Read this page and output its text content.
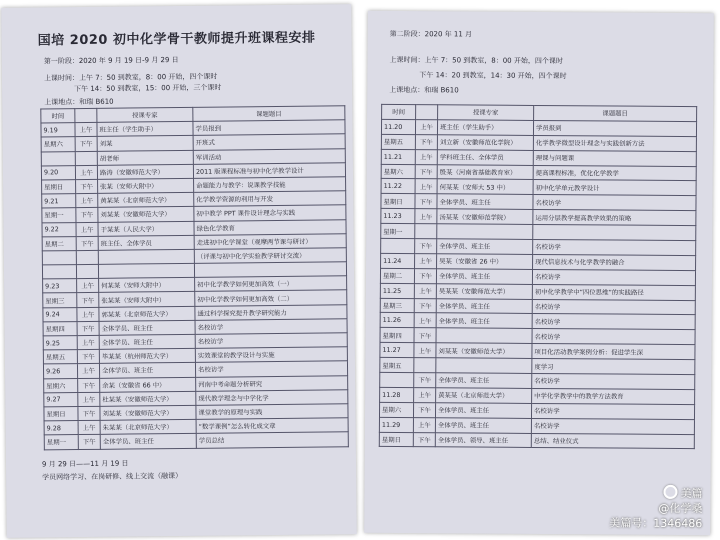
国培 2020 初中化学骨干教师提升班课程安排
第一阶段：2020 年 9 月 19 日-9 月 29 日
上课时间：上午 7：50 到教室，8：00 开始，四个课时
下午 14：50 到教室，15：00 开始，三个课时
上课地点：和瑞 B610
时间		授课专家	课题题目
9.19	上午	班主任（学生助手）	学员报到
星期六	下午	刘某	开班式
		胡老师	军训活动
9.20	上午	路涛（安徽师范大学）	2011 版课程标准与初中化学教学设计
星期日	下午	张某（安师大附中）	命题能力与教学：说课教学技能
9.21	上午	黄某某（北京师范大学）	化学教学资源的利用与开发
星期一	下午	刘某某（安徽师范大学）	初中教学 PPT 课件设计理念与实践
9.22	上午	于某某（人民大学）	绿色化学教育
星期二	下午	班主任、全体学员	走进初中化学课堂（观摩两节课与研讨）
			（评课与初中化学实验教学研讨交流）

9.23	上午	何某某（安师大附中）	初中化学教学如何更加高效（一）
星期三	下午	张某某（安师大附中）	初中化学教学如何更加高效（二）
9.24	上午	郭某某（北京师范大学）	通过科学探究提升教学研究能力
星期四	下午	全体学员、班主任	名校访学
9.25	上午	全体学员、班主任	名校访学
星期五	下午	毕某某（杭州师范大学）	实效课堂的教学设计与实施
9.26	上午	全体学员、班主任	名校访学
星期六	下午	余某（安徽省 66 中）	河南中考命题分析研究
9.27	上午	杜某某（安徽师范大学）	现代教学理念与中学化学
星期日	下午	刘某某（安徽师范大学）	课堂教学的原理与实践
9.28	上午	朱某某（北京师范大学）	“数学课例”怎么转化成文章
星期一	下午	全体学员、班主任	学员总结
9 月 29 日——11 月 19 日
学员网络学习、在岗研修、线上交流（融课）
第二阶段：2020 年 11 月
上课时间：上午 7：50 到教室，8：00 开始，四个课时
下午 14：20 到教室，14：30 开始，四个课时
上课地点：和瑞 B610
时间		授课专家	课题题目
11.20	上午	班主任（学生助手）	学员报到
星期五	下午	刘立新（安徽师范化学院）	化学教学微型设计理念与实践创新方法
11.21	上午	学科班主任、全体学员	理课与问题课
星期六	下午	殷某（河南省基础教育室）	提高课程标准，优化化学教学
11.22	上午	何某某（安师大 53 中）	初中化学单元教学设计
星期日	下午	全体学员、班主任	名校访学
11.23	上午	汤某某（安徽师范学院）	运用分层教学提高教学效果的策略
星期一			
	下午	全体学员、班主任	名校访学
11.24	上午	吴某（安徽省 26 中）	现代信息技术与化学教学的融合
星期二	下午	全体学员、班主任	名校访学
11.25	上午	吴某某（安徽师范大学）	初中化学教学中“四位思维”的实践路径
星期三	下午	全体学员、班主任	名校访学
11.26	上午	全体学员、班主任	名校访学
星期四	下午		名校访学
11.27	上午	刘某某（安徽师范大学）	项目化活动教学案例分析：促进学生深
星期五			度学习
	下午	全体学员、班主任	名校访学
11.28	上午	黄某某（北京师范大学）	中学化学教学中的教学方法教育
星期六	下午	全体学员、班主任	名校访学
11.29	上午	全体学员、班主任	名校访学
星期日	下午	全体学员、领导、班主任	总结、结业仪式
美篇
@化学桑
美篇号：1346486
